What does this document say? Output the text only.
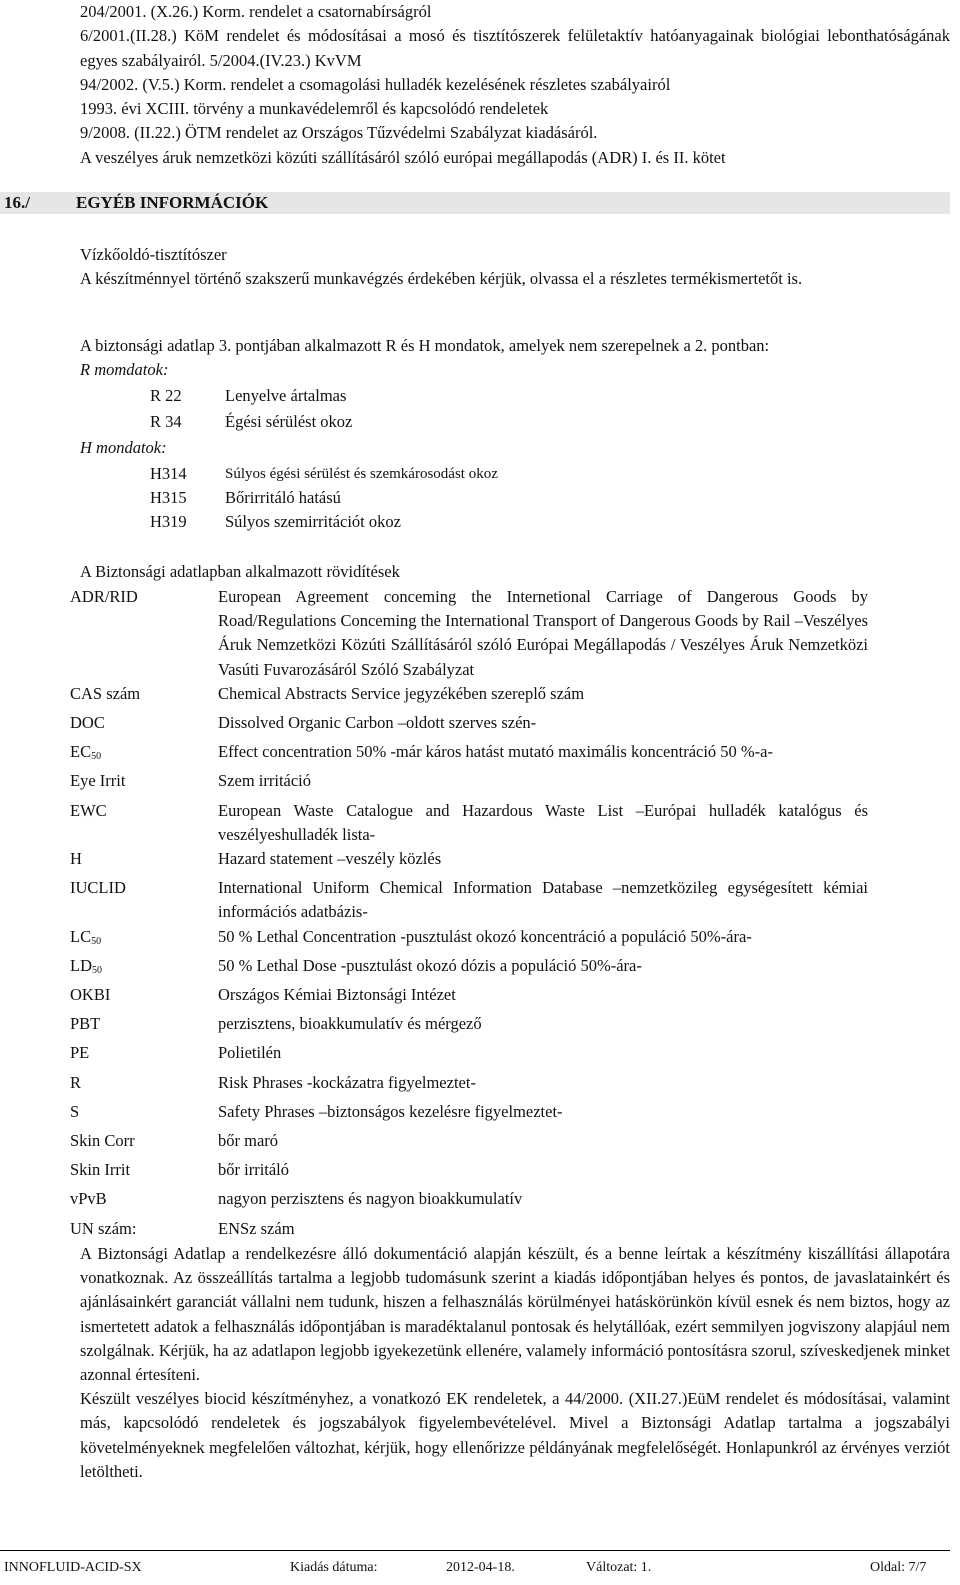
204/2001. (X.26.) Korm. rendelet a csatornabírságról
6/2001.(II.28.) KöM rendelet és módosításai a mosó és tisztítószerek felületaktív hatóanyagainak biológiai lebonthatóságának egyes szabályairól. 5/2004.(IV.23.) KvVM
94/2002. (V.5.) Korm. rendelet a csomagolási hulladék kezelésének részletes szabályairól
1993. évi XCIII. törvény a munkavédelemről és kapcsolódó rendeletek
9/2008. (II.22.) ÖTM rendelet az Országos Tűzvédelmi Szabályzat kiadásáról.
A veszélyes áruk nemzetközi közúti szállításáról szóló európai megállapodás (ADR) I. és II. kötet
16./	EGYÉB INFORMÁCIÓK
Vízkőoldó-tisztítószer
A készítménnyel történő szakszerű munkavégzés érdekében kérjük, olvassa el a részletes termékismertetőt is.
A biztonsági adatlap 3. pontjában alkalmazott R és H mondatok, amelyek nem szerepelnek a 2. pontban:
R momdatok:
R 22	Lenyelve ártalmas
R 34	Égési sérülést okoz
H mondatok:
H314	Súlyos égési sérülést és szemkárosodást okoz
H315 Bőrirritáló hatású
H319 Súlyos szemirritációt okoz
A Biztonsági adatlapban alkalmazott rövidítések
ADR/RID	European Agreement conceming the Internetional Carriage of Dangerous Goods by Road/Regulations Conceming the International Transport of Dangerous Goods by Rail –Veszélyes Áruk Nemzetközi Közúti Szállításáról szóló Európai Megállapodás / Veszélyes Áruk Nemzetközi Vasúti Fuvarozásáról Szóló Szabályzat
CAS szám	Chemical Abstracts Service jegyzékében szereplő szám
DOC	Dissolved Organic Carbon –oldott szerves szén-
$EC_{50}$	Effect concentration 50% -már káros hatást mutató maximális koncentráció 50 %-a-
Eye Irrit	Szem irritáció
EWC	European Waste Catalogue and Hazardous Waste List –Európai hulladék katalógus és veszélyeshulladék lista-
H	Hazard statement –veszély közlés
IUCLID	International Uniform Chemical Information Database –nemzetközileg egységesített kémiai információs adatbázis-
$LC_{50}$	50 % Lethal Concentration -pusztulást okozó koncentráció a populáció 50%-ára-
$LD_{50}$	50 % Lethal Dose -pusztulást okozó dózis a populáció 50%-ára-
OKBI	Országos Kémiai Biztonsági Intézet
PBT	perzisztens, bioakkumulatív és mérgező
PE	Polietilén
R	Risk Phrases -kockázatra figyelmeztet-
S	Safety Phrases –biztonságos kezelésre figyelmeztet-
Skin Corr	bőr maró
Skin Irrit	bőr irritáló
vPvB	nagyon perzisztens és nagyon bioakkumulatív
UN szám:	ENSz szám

A Biztonsági Adatlap a rendelkezésre álló dokumentáció alapján készült, és a benne leírtak a készítmény kiszállítási állapotára vonatkoznak. Az összeállítás tartalma a legjobb tudomásunk szerint a kiadás időpontjában helyes és pontos, de javaslatainkért és ajánlásainkért garanciát vállalni nem tudunk, hiszen a felhasználás körülményei hatáskörünkön kívül esnek és nem biztos, hogy az ismertetett adatok a felhasználás időpontjában is maradéktalanul pontosak és helytállóak, ezért semmilyen jogviszony alapjául nem szolgálnak. Kérjük, ha az adatlapon legjobb igyekezetünk ellenére, valamely információ pontosításra szorul, szíveskedjenek minket azonnal értesíteni.

Készült veszélyes biocid készítményhez, a vonatkozó EK rendeletek, a 44/2000. (XII.27.)EüM rendelet és módosításai, valamint más, kapcsolódó rendeletek és jogszabályok figyelembevételével. Mivel a Biztonsági Adatlap tartalma a jogszabályi követelményeknek megfelelően változhat, kérjük, hogy ellenőrizze példányának megfelelőségét. Honlapunkról az érvényes verziót letöltheti.

INNOFLUID-ACID-SX	Kiadás dátuma:	2012-04-18.	Változat: 1.	Oldal: 7/7
